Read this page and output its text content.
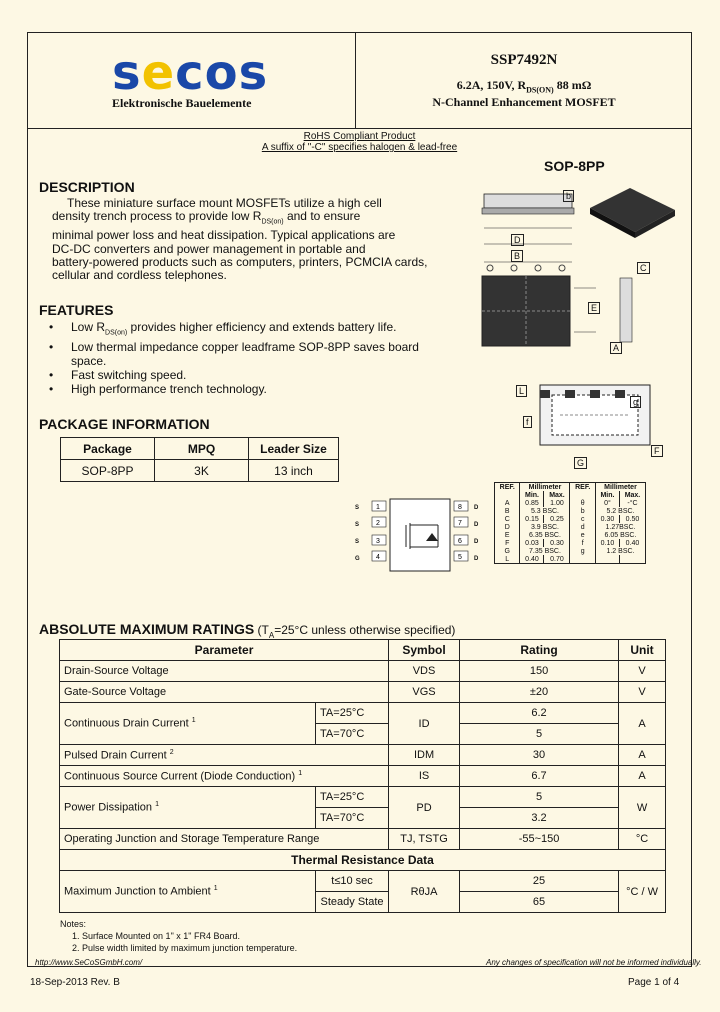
secos
Elektronische Bauelemente
SSP7492N
6.2A, 150V, $R_{DS(ON)}$ 88 mΩ
N-Channel Enhancement MOSFET
RoHS Compliant Product
A suffix of "-C" specifies halogen & lead-free
SOP-8PP
DESCRIPTION
These miniature surface mount MOSFETs utilize a high cell
density trench process to provide low $R_{DS(on)}$ and to ensure
minimal power loss and heat dissipation. Typical applications are
DC-DC converters and power management in portable and
battery-powered products such as computers, printers, PCMCIA cards,
cellular and cordless telephones.
FEATURES
• Low $R_{DS(on)}$ provides higher efficiency and extends battery life.
• Low thermal impedance copper leadframe SOP-8PP saves board
space.
• Fast switching speed.
• High performance trench technology.
PACKAGE INFORMATION
Package	MPQ	Leader Size
SOP-8PP	3K	13 inch
b
D
B
C
E
A
L
g
f
F
G
1
2
3
4
8
7
6
5
S
S
S
G
D
D
D
D
REF.	Millimeter		REF.	Millimeter	
	Min.	Max.		Min.	Max.
A	0.85	1.00	θ	0°	-°C
B	5.3 BSC.		b	5.2 BSC.	
C	0.15	0.25	c	0.30	0.50
D	3.9 BSC.		d	1.27BSC.	
E	6.35 BSC.		e	6.05 BSC.	
F	0.03	0.30	f	0.10	0.40
G	7.35 BSC.		g	1.2 BSC.	
L	0.40	0.70			
ABSOLUTE MAXIMUM RATINGS ($T_A=25^\circ C$ unless otherwise specified)
Parameter		Symbol	Rating	Unit
Drain-Source Voltage		VDS	150	V
Gate-Source Voltage		VGS	±20	V
Continuous Drain Current $^1$	TA=25°C	ID	6.2	A
	TA=70°C		5	
Pulsed Drain Current $^2$		IDM	30	A
Continuous Source Current (Diode Conduction) $^1$		IS	6.7	A
Power Dissipation $^1$	TA=25°C	PD	5	W
	TA=70°C		3.2	
Operating Junction and Storage Temperature Range		TJ, TSTG	-55~150	°C
Thermal Resistance Data				
Maximum Junction to Ambient $^1$	t≤10 sec	RθJA	25	°C / W
	Steady State		65	
Notes:
1. Surface Mounted on 1" x 1" FR4 Board.
2. Pulse width limited by maximum junction temperature.
http://www.SeCoSGmbH.com/	Any changes of specification will not be informed individually.
18-Sep-2013 Rev. B	Page 1 of 4
